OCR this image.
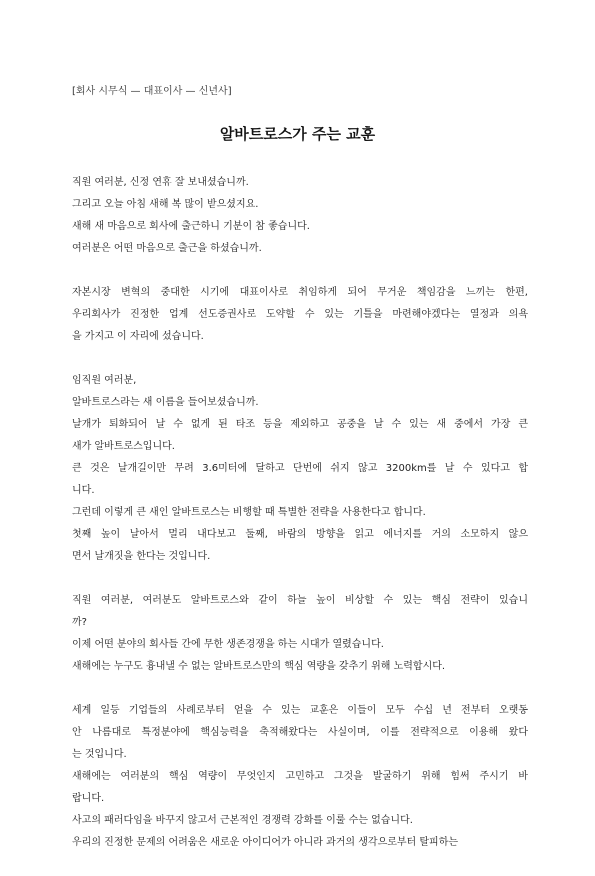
[회사 시무식 — 대표이사 — 신년사]
알바트로스가 주는 교훈
직원 여러분, 신정 연휴 잘 보내셨습니까.
그리고 오늘 아침 새해 복 많이 받으셨지요.
새해 새 마음으로 회사에 출근하니 기분이 참 좋습니다.
여러분은 어떤 마음으로 출근을 하셨습니까.
자본시장 변혁의 중대한 시기에 대표이사로 취임하게 되어 무거운 책임감을 느끼는 한편,
우리회사가 진정한 업계 선도증권사로 도약할 수 있는 기틀을 마련해야겠다는 열정과 의욕
을 가지고 이 자리에 섰습니다.
임직원 여러분,
알바트로스라는 새 이름을 들어보셨습니까.
날개가 퇴화되어 날 수 없게 된 타조 등을 제외하고 공중을 날 수 있는 새 중에서 가장 큰
새가 알바트로스입니다.
큰 것은 날개길이만 무려 3.6미터에 달하고 단번에 쉬지 않고 3200km를 날 수 있다고 합
니다.
그런데 이렇게 큰 새인 알바트로스는 비행할 때 특별한 전략을 사용한다고 합니다.
첫째 높이 날아서 멀리 내다보고 둘째, 바람의 방향을 읽고 에너지를 거의 소모하지 않으
면서 날개짓을 한다는 것입니다.
직원 여러분, 여러분도 알바트로스와 같이 하늘 높이 비상할 수 있는 핵심 전략이 있습니
까?
이제 어떤 분야의 회사들 간에 무한 생존경쟁을 하는 시대가 열렸습니다.
새해에는 누구도 흉내낼 수 없는 알바트로스만의 핵심 역량을 갖추기 위해 노력합시다.
세계 일등 기업들의 사례로부터 얻을 수 있는 교훈은 이들이 모두 수십 년 전부터 오랫동
안 나름대로 특정분야에 핵심능력을 축적해왔다는 사실이며, 이를 전략적으로 이용해 왔다
는 것입니다.
새해에는 여러분의 핵심 역량이 무엇인지 고민하고 그것을 발굴하기 위해 힘써 주시기 바
랍니다.
사고의 패러다임을 바꾸지 않고서 근본적인 경쟁력 강화를 이룰 수는 없습니다.
우리의 진정한 문제의 어려움은 새로운 아이디어가 아니라 과거의 생각으로부터 탈피하는
